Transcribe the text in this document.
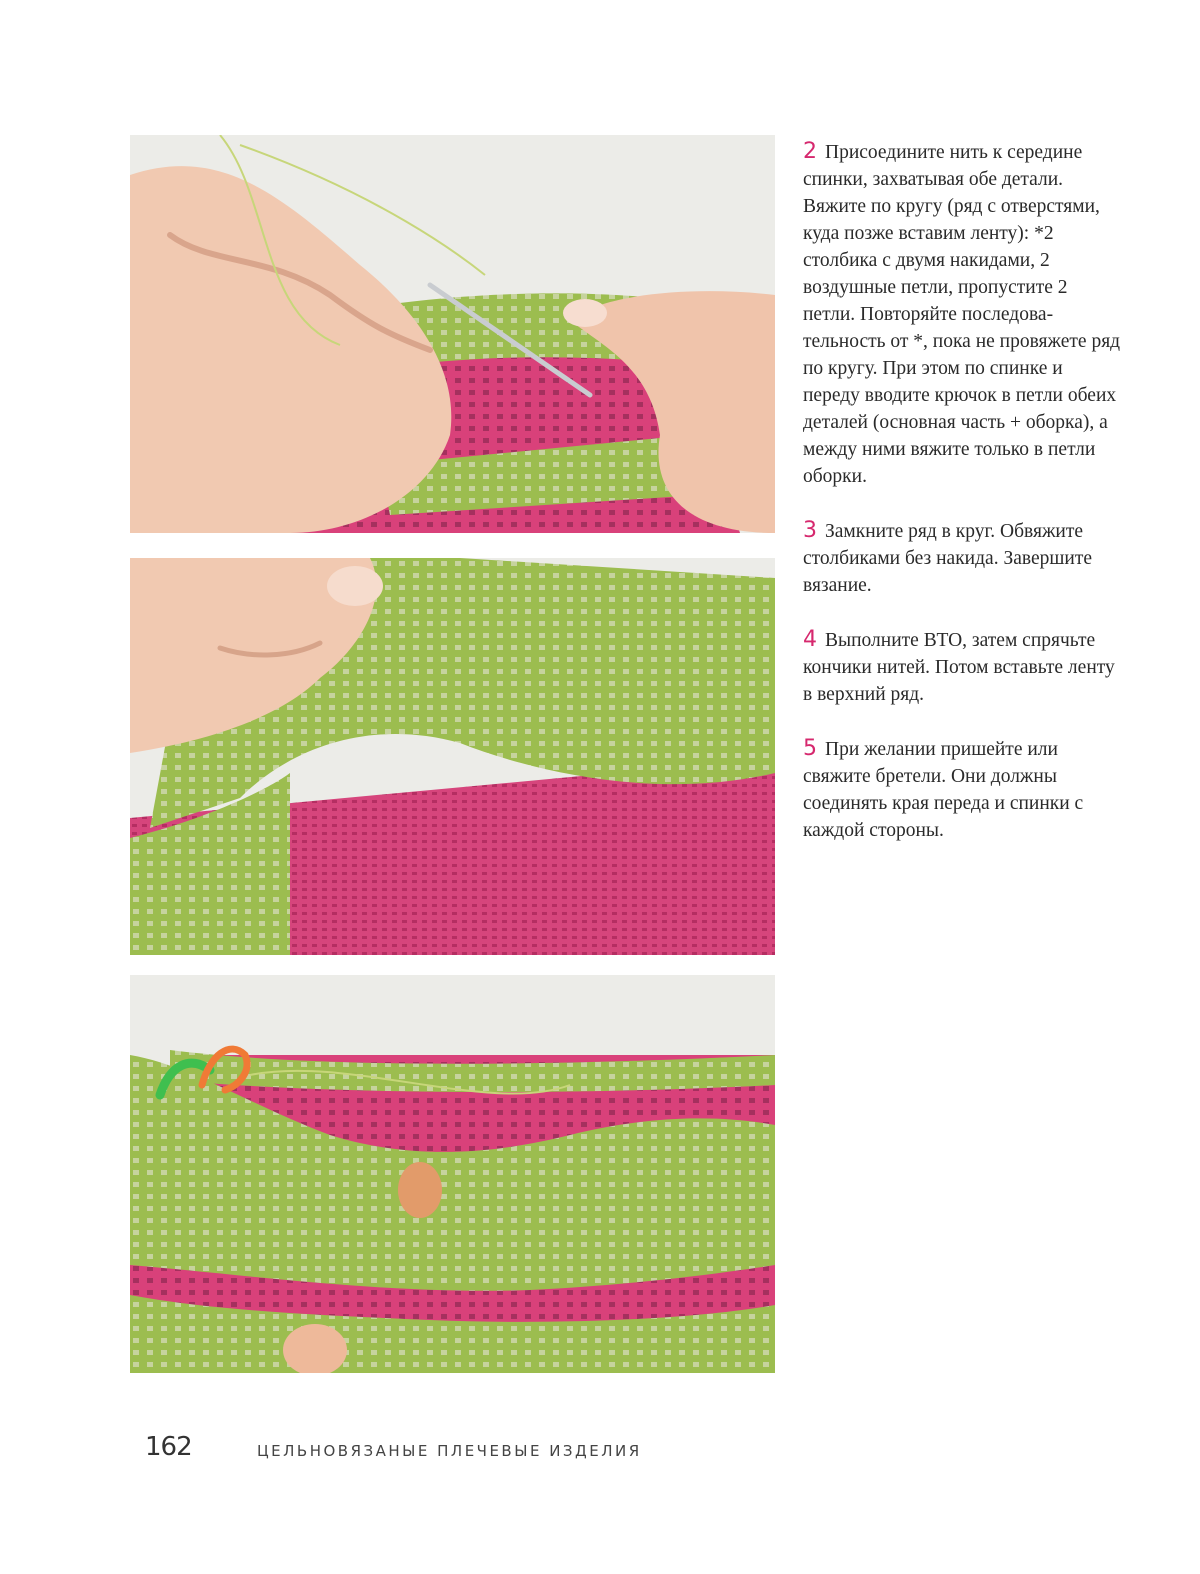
2 Присоедините нить к середине спинки, захватывая обе детали. Вяжите по кругу (ряд с отверстями, куда позже вставим ленту): *2 столбика с двумя накидами, 2 воздушные петли, пропустите 2 петли. Повторяйте последовательность от *, пока не провяжете ряд по кругу. При этом по спинке и переду вводите крючок в петли обеих деталей (основная часть + оборка), а между ними вяжите только в петли оборки.

3 Замкните ряд в круг. Обвяжите столбиками без накида. Завершите вязание.

4 Выполните ВТО, затем спрячьте кончики нитей. Потом вставьте ленту в верхний ряд.

5 При желании пришейте или свяжите бретели. Они должны соединять края переда и спинки с каждой стороны.

162	ЦЕЛЬНОВЯЗАНЫЕ ПЛЕЧЕВЫЕ ИЗДЕЛИЯ
